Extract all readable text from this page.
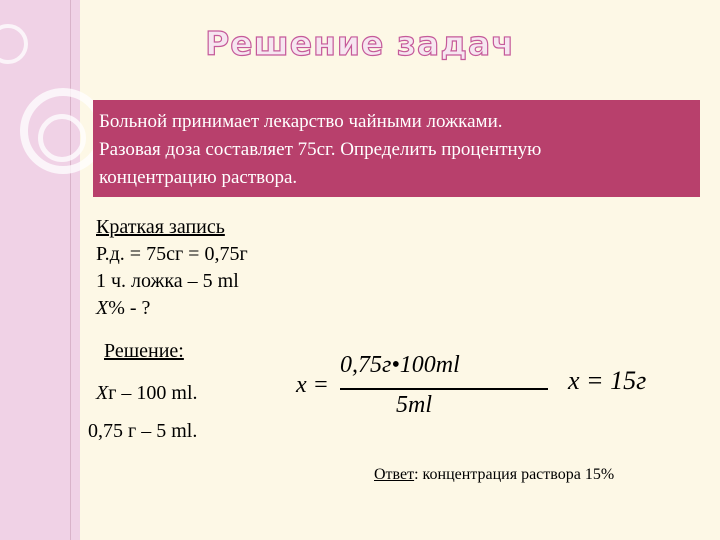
Решение задач
Больной принимает лекарство чайными ложками.
Разовая доза составляет 75сг. Определить процентную
концентрацию раствора.
Краткая запись
Р.д. = 75сг = 0,75г
1 ч. ложка – 5 ml
Х% - ?
Решение:
Хг – 100 ml.
0,75 г – 5 ml.
x =
0,75г•100ml
5ml
x = 15г
Ответ: концентрация раствора 15%
